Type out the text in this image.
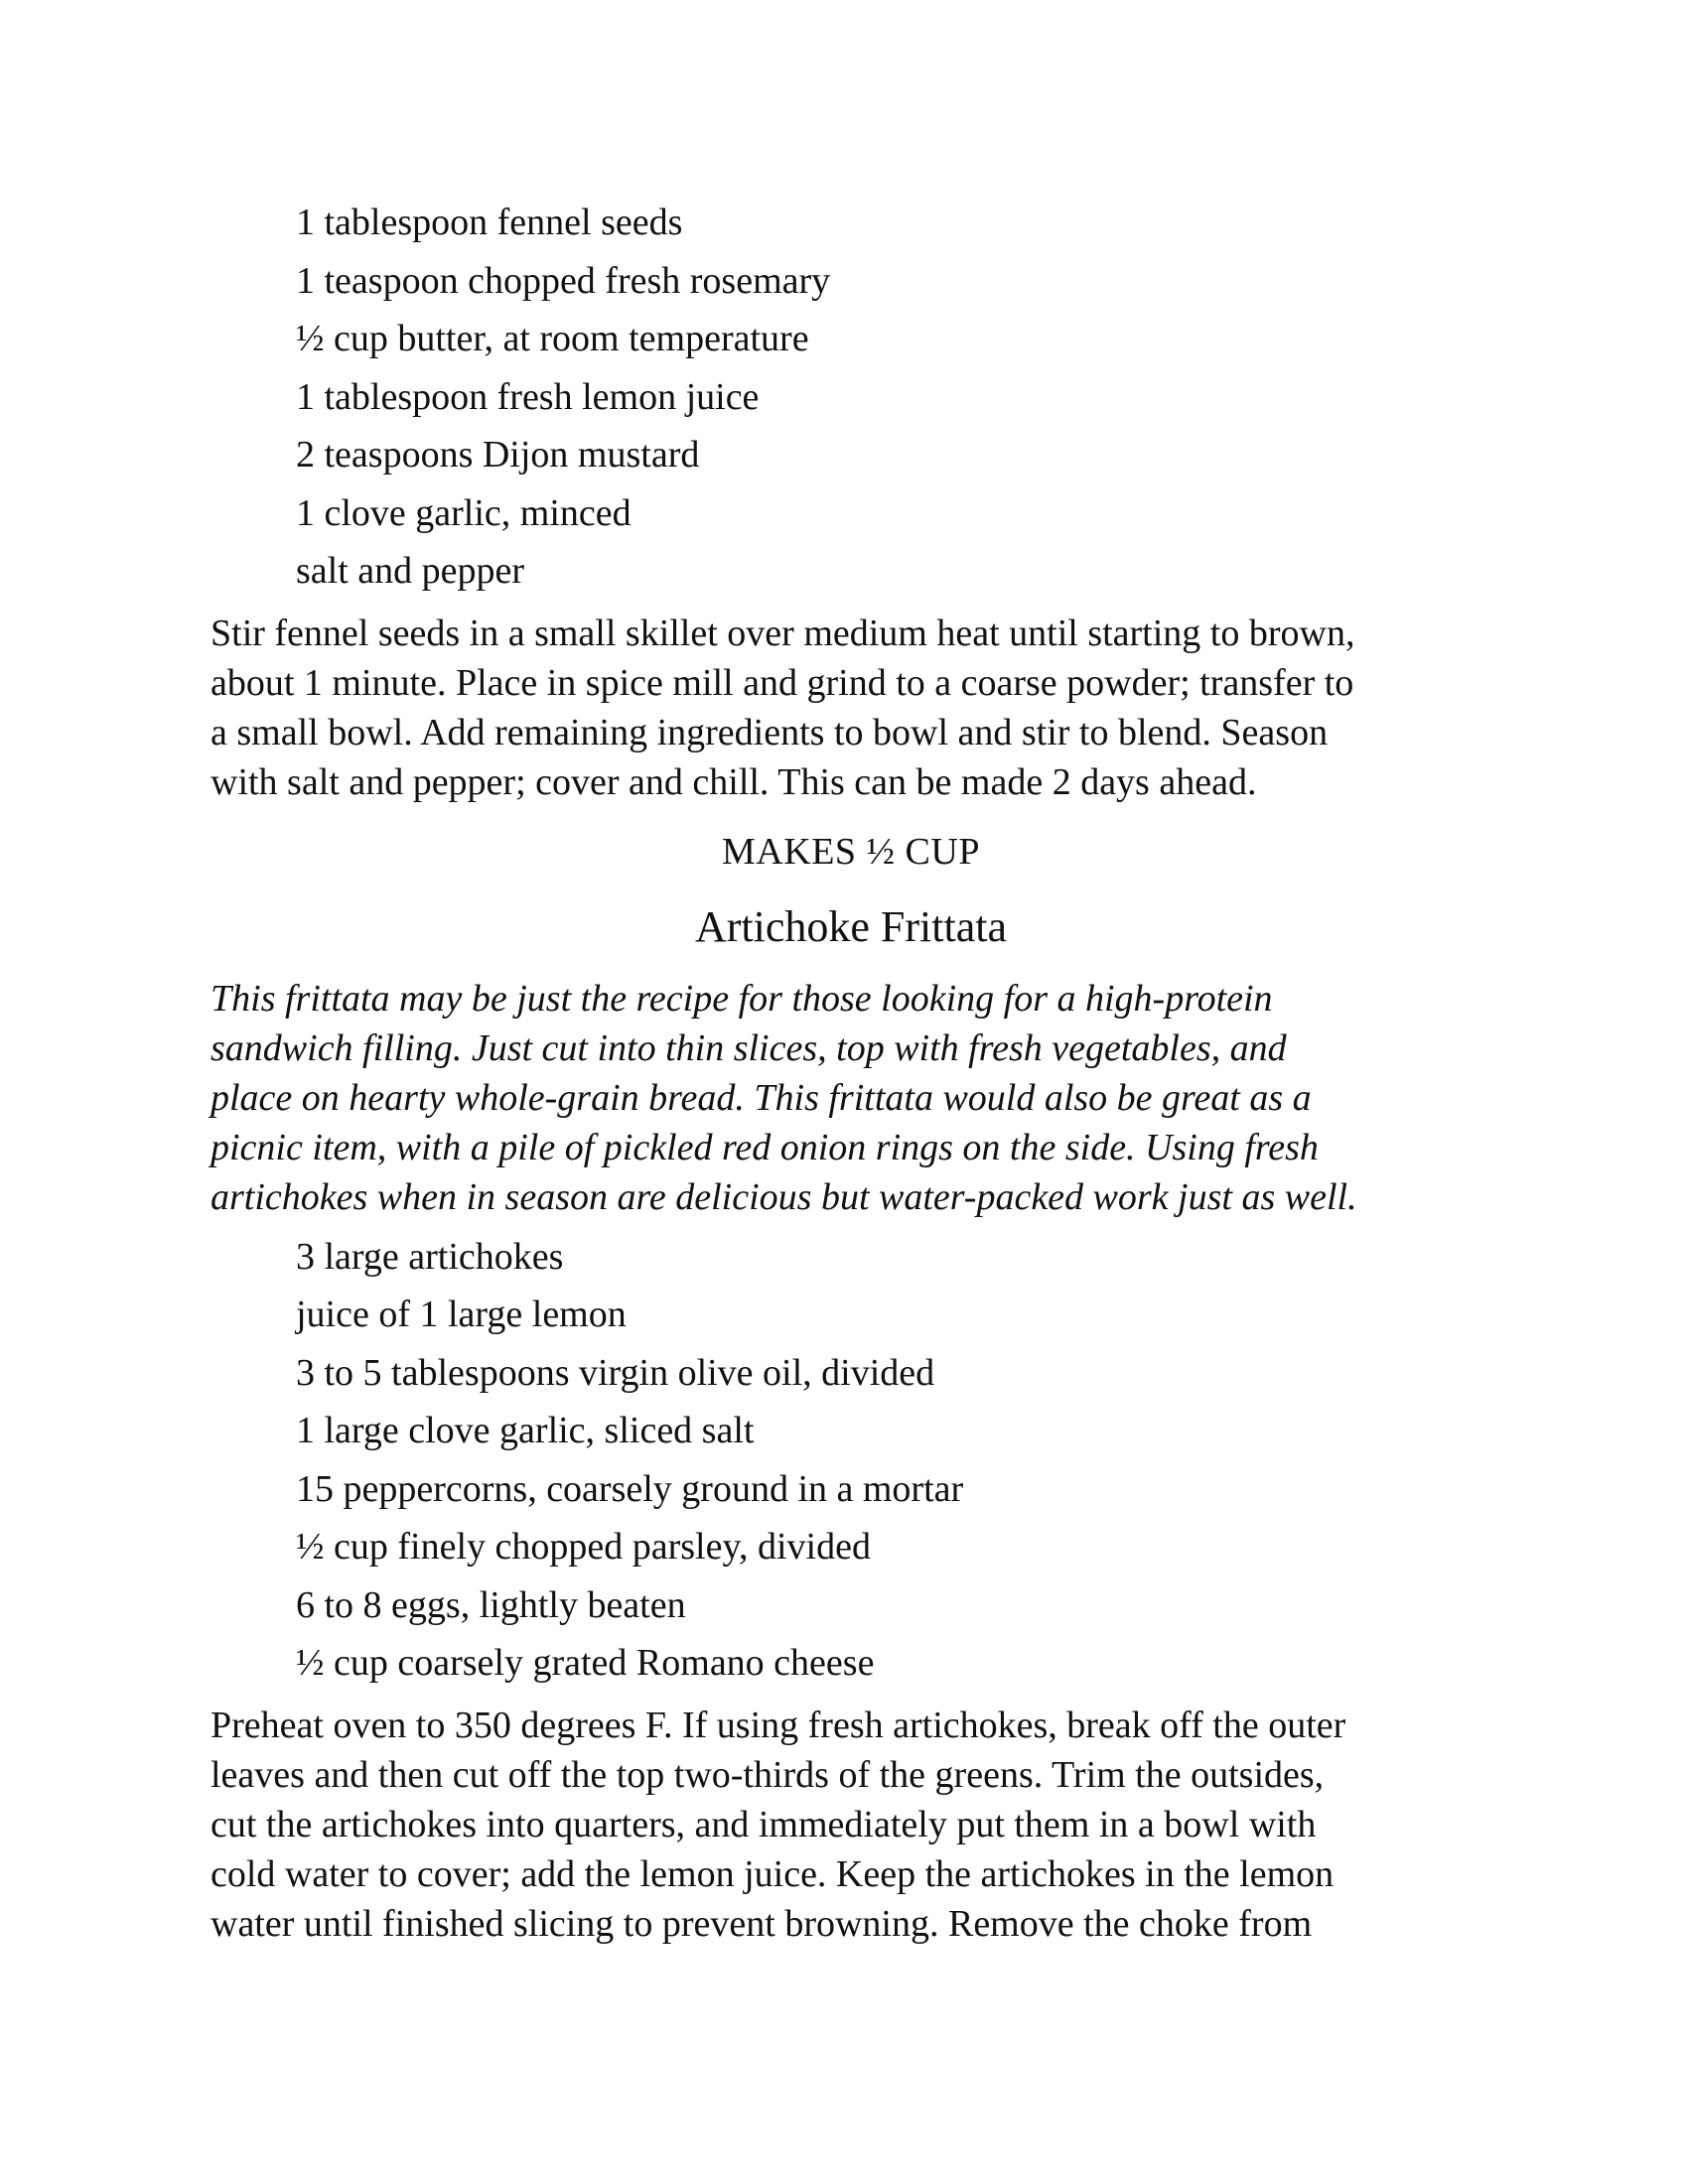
1 tablespoon fennel seeds
1 teaspoon chopped fresh rosemary
½ cup butter, at room temperature
1 tablespoon fresh lemon juice
2 teaspoons Dijon mustard
1 clove garlic, minced
salt and pepper

Stir fennel seeds in a small skillet over medium heat until starting to brown,
about 1 minute. Place in spice mill and grind to a coarse powder; transfer to
a small bowl. Add remaining ingredients to bowl and stir to blend. Season
with salt and pepper; cover and chill. This can be made 2 days ahead.

MAKES ½ CUP
Artichoke Frittata

This frittata may be just the recipe for those looking for a high-protein
sandwich filling. Just cut into thin slices, top with fresh vegetables, and
place on hearty whole-grain bread. This frittata would also be great as a
picnic item, with a pile of pickled red onion rings on the side. Using fresh
artichokes when in season are delicious but water-packed work just as well.

3 large artichokes
juice of 1 large lemon
3 to 5 tablespoons virgin olive oil, divided
1 large clove garlic, sliced salt
15 peppercorns, coarsely ground in a mortar
½ cup finely chopped parsley, divided
6 to 8 eggs, lightly beaten
½ cup coarsely grated Romano cheese

Preheat oven to 350 degrees F. If using fresh artichokes, break off the outer
leaves and then cut off the top two-thirds of the greens. Trim the outsides,
cut the artichokes into quarters, and immediately put them in a bowl with
cold water to cover; add the lemon juice. Keep the artichokes in the lemon
water until finished slicing to prevent browning. Remove the choke from
